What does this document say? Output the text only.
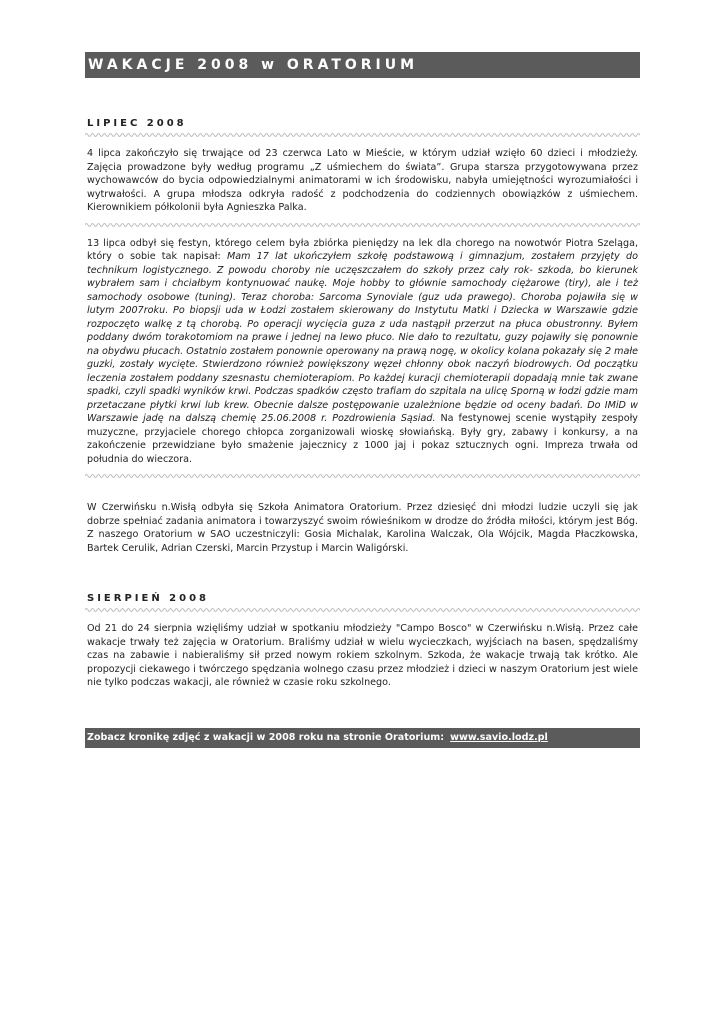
WAKACJE 2008 w ORATORIUM
LIPIEC 2008

4 lipca zakończyło się trwające od 23 czerwca Lato w Mieście, w którym udział wzięło 60 dzieci i młodzieży. Zajęcia prowadzone były według programu „Z uśmiechem do świata”. Grupa starsza przygotowywana przez wychowawców do bycia odpowiedzialnymi animatorami w ich środowisku, nabyła umiejętności wyrozumiałości i wytrwałości. A grupa młodsza odkryła radość z podchodzenia do codziennych obowiązków z uśmiechem. Kierownikiem półkolonii była Agnieszka Palka.

13 lipca odbył się festyn, którego celem była zbiórka pieniędzy na lek dla chorego na nowotwór Piotra Szeląga, który o sobie tak napisał: Mam 17 lat ukończyłem szkołę podstawową i gimnazjum, zostałem przyjęty do technikum logistycznego. Z powodu choroby nie uczęszczałem do szkoły przez cały rok- szkoda, bo kierunek wybrałem sam i chciałbym kontynuować naukę. Moje hobby to głównie samochody ciężarowe (tiry), ale i też samochody osobowe (tuning). Teraz choroba: Sarcoma Synoviale (guz uda prawego). Choroba pojawiła się w lutym 2007roku. Po biopsji uda w Łodzi zostałem skierowany do Instytutu Matki i Dziecka w Warszawie gdzie rozpoczęto walkę z tą chorobą. Po operacji wycięcia guza z uda nastąpił przerzut na płuca obustronny. Byłem poddany dwóm torakotomiom na prawe i jednej na lewo płuco. Nie dało to rezultatu, guzy pojawiły się ponownie na obydwu płucach. Ostatnio zostałem ponownie operowany na prawą nogę, w okolicy kolana pokazały się 2 małe guzki, zostały wycięte. Stwierdzono również powiększony węzeł chłonny obok naczyń biodrowych. Od początku leczenia zostałem poddany szesnastu chemioterapiom. Po każdej kuracji chemioterapii dopadają mnie tak zwane spadki, czyli spadki wyników krwi. Podczas spadków często trafiam do szpitala na ulicę Sporną w łodzi gdzie mam przetaczane płytki krwi lub krew. Obecnie dalsze postępowanie uzależnione będzie od oceny badań. Do IMiD w Warszawie jadę na dalszą chemię 25.06.2008 r. Pozdrowienia Sąsiad. Na festynowej scenie wystąpiły zespoły muzyczne, przyjaciele chorego chłopca zorganizowali wioskę słowiańską. Były gry, zabawy i konkursy, a na zakończenie przewidziane było smażenie jajecznicy z 1000 jaj i pokaz sztucznych ogni. Impreza trwała od południa do wieczora.

W Czerwińsku n.Wisłą odbyła się Szkoła Animatora Oratorium. Przez dziesięć dni młodzi ludzie uczyli się jak dobrze spełniać zadania animatora i towarzyszyć swoim rówieśnikom w drodze do źródła miłości, którym jest Bóg. Z naszego Oratorium w SAO uczestniczyli: Gosia Michalak, Karolina Walczak, Ola Wójcik, Magda Płaczkowska, Bartek Cerulik, Adrian Czerski, Marcin Przystup i Marcin Waligórski.

SIERPIEŃ 2008

Od 21 do 24 sierpnia wzięliśmy udział w spotkaniu młodzieży "Campo Bosco" w Czerwińsku n.Wisłą. Przez całe wakacje trwały też zajęcia w Oratorium. Braliśmy udział w wielu wycieczkach, wyjściach na basen, spędzaliśmy czas na zabawie i nabieraliśmy sił przed nowym rokiem szkolnym. Szkoda, że wakacje trwają tak krótko. Ale propozycji ciekawego i twórczego spędzania wolnego czasu przez młodzież i dzieci w naszym Oratorium jest wiele nie tylko podczas wakacji, ale również w czasie roku szkolnego.

Zobacz kronikę zdjęć z wakacji w 2008 roku na stronie Oratorium: www.savio.lodz.pl
